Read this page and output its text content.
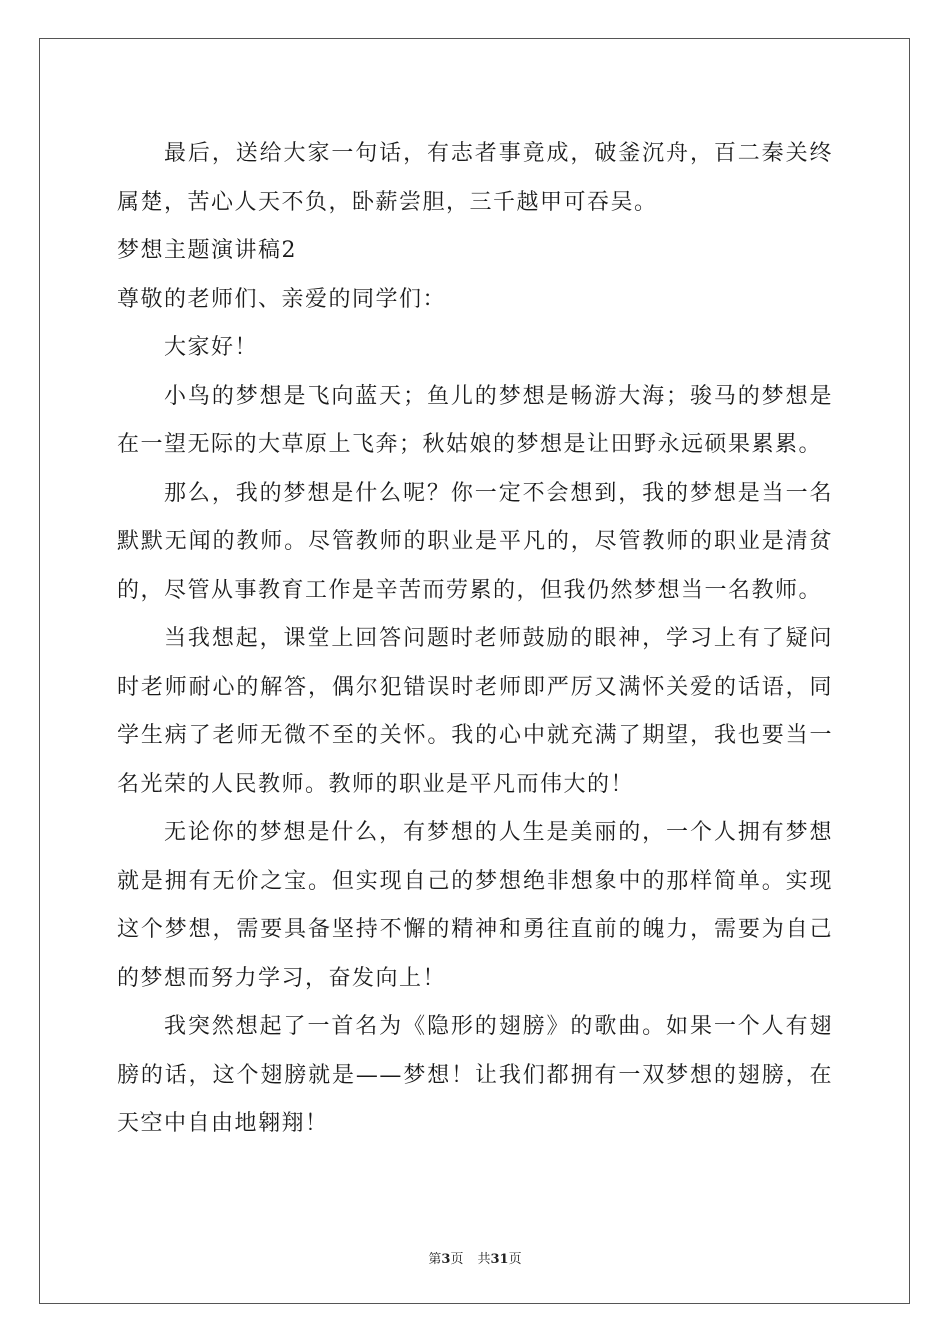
最后，送给大家一句话，有志者事竟成，破釜沉舟，百二秦关终属楚，苦心人天不负，卧薪尝胆，三千越甲可吞吴。

梦想主题演讲稿2

尊敬的老师们、亲爱的同学们：

大家好！

小鸟的梦想是飞向蓝天；鱼儿的梦想是畅游大海；骏马的梦想是在一望无际的大草原上飞奔；秋姑娘的梦想是让田野永远硕果累累。

那么，我的梦想是什么呢？你一定不会想到，我的梦想是当一名默默无闻的教师。尽管教师的职业是平凡的，尽管教师的职业是清贫的，尽管从事教育工作是辛苦而劳累的，但我仍然梦想当一名教师。

当我想起，课堂上回答问题时老师鼓励的眼神，学习上有了疑问时老师耐心的解答，偶尔犯错误时老师即严厉又满怀关爱的话语，同学生病了老师无微不至的关怀。我的心中就充满了期望，我也要当一名光荣的人民教师。教师的职业是平凡而伟大的！

无论你的梦想是什么，有梦想的人生是美丽的，一个人拥有梦想就是拥有无价之宝。但实现自己的梦想绝非想象中的那样简单。实现这个梦想，需要具备坚持不懈的精神和勇往直前的魄力，需要为自己的梦想而努力学习，奋发向上！

我突然想起了一首名为《隐形的翅膀》的歌曲。如果一个人有翅膀的话，这个翅膀就是——梦想！让我们都拥有一双梦想的翅膀，在天空中自由地翱翔！

第3页 共31页
